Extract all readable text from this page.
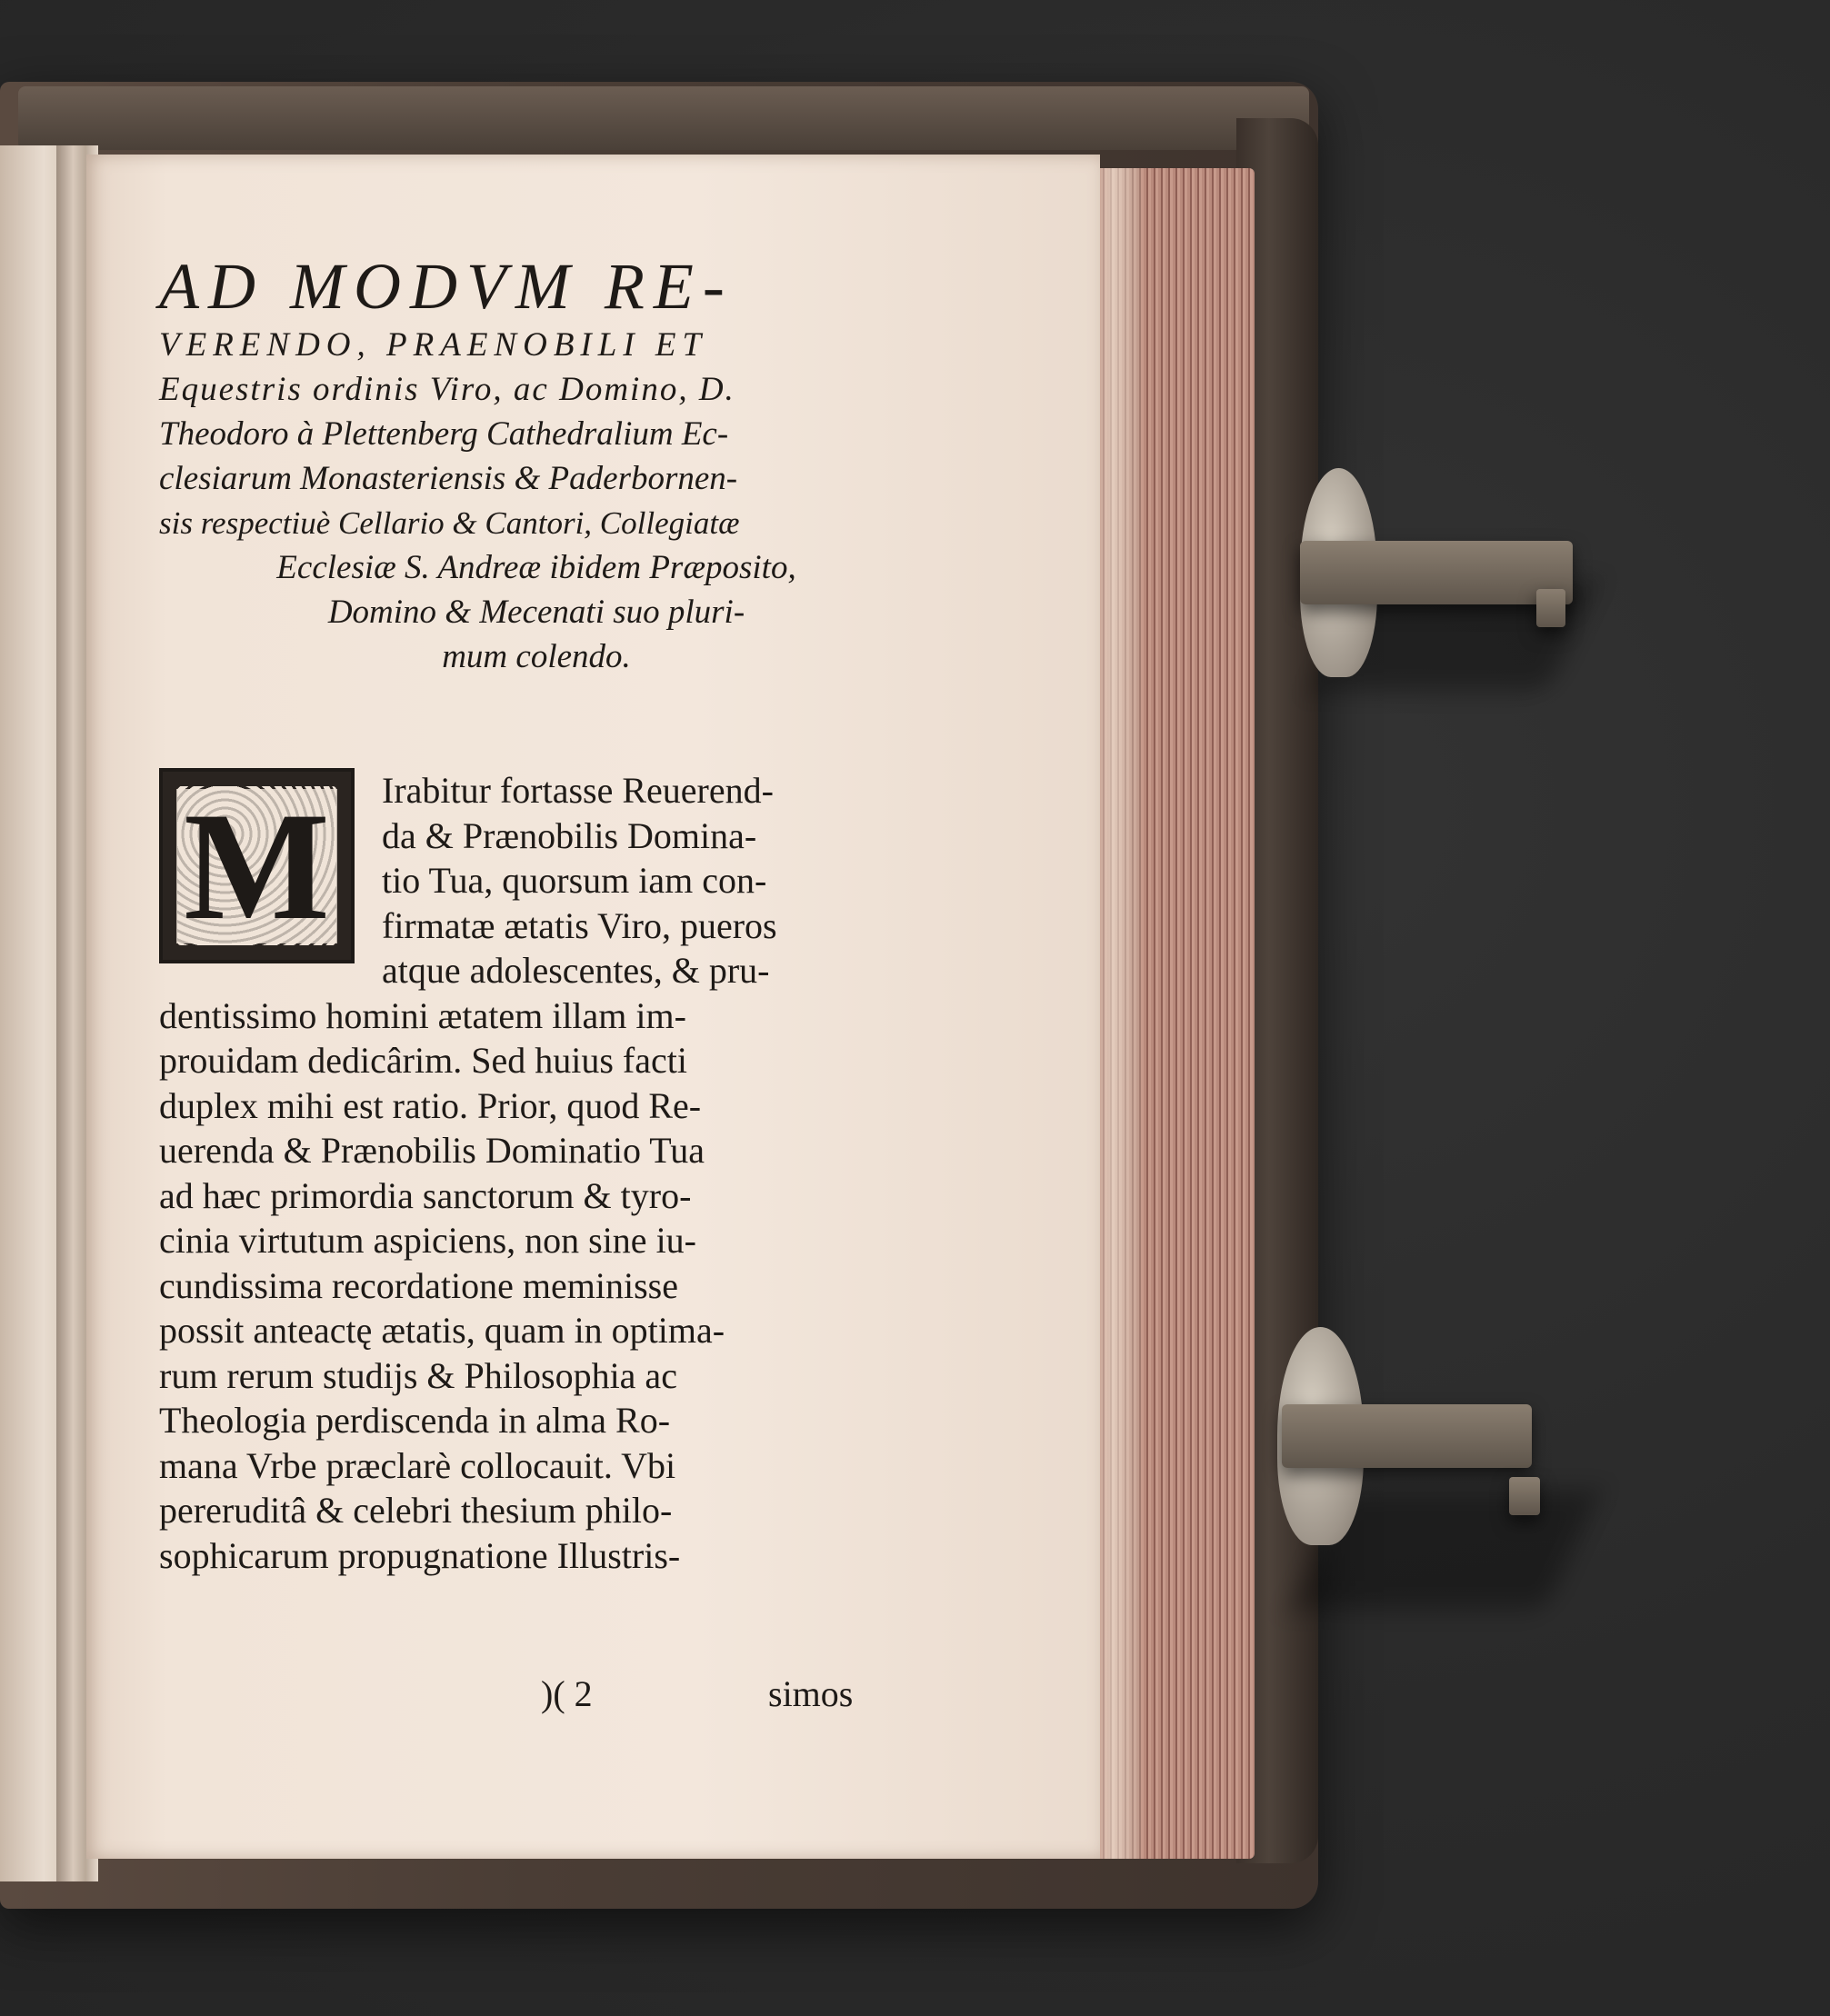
AD MODVM RE-

VERENDO, PRAENOBILI ET

Equestris ordinis Viro, ac Domino, D.

Theodoro à Plettenberg Cathedralium Ec-

clesiarum Monasteriensis & Paderbornen-

sis respectiuè Cellario & Cantori, Collegiatæ

Ecclesiæ S. Andreæ ibidem Præposito,

Domino & Mecenati suo pluri-

mum colendo.

M	Irabitur fortasse Reuerend-

da & Prænobilis Domina-

tio Tua, quorsum iam con-

firmatæ ætatis Viro, pueros

atque adolescentes, & pru-

dentissimo homini ætatem illam im-

prouidam dedicârim. Sed huius facti

duplex mihi est ratio. Prior, quod Re-

uerenda & Prænobilis Dominatio Tua

ad hæc primordia sanctorum & tyro-

cinia virtutum aspiciens, non sine iu-

cundissima recordatione meminisse

possit anteactę ætatis, quam in optima-

rum rerum studijs & Philosophia ac

Theologia perdiscenda in alma Ro-

mana Vrbe præclarè collocauit. Vbi

pereruditâ & celebri thesium philo-

sophicarum propugnatione Illustris-

)( 2	simos
